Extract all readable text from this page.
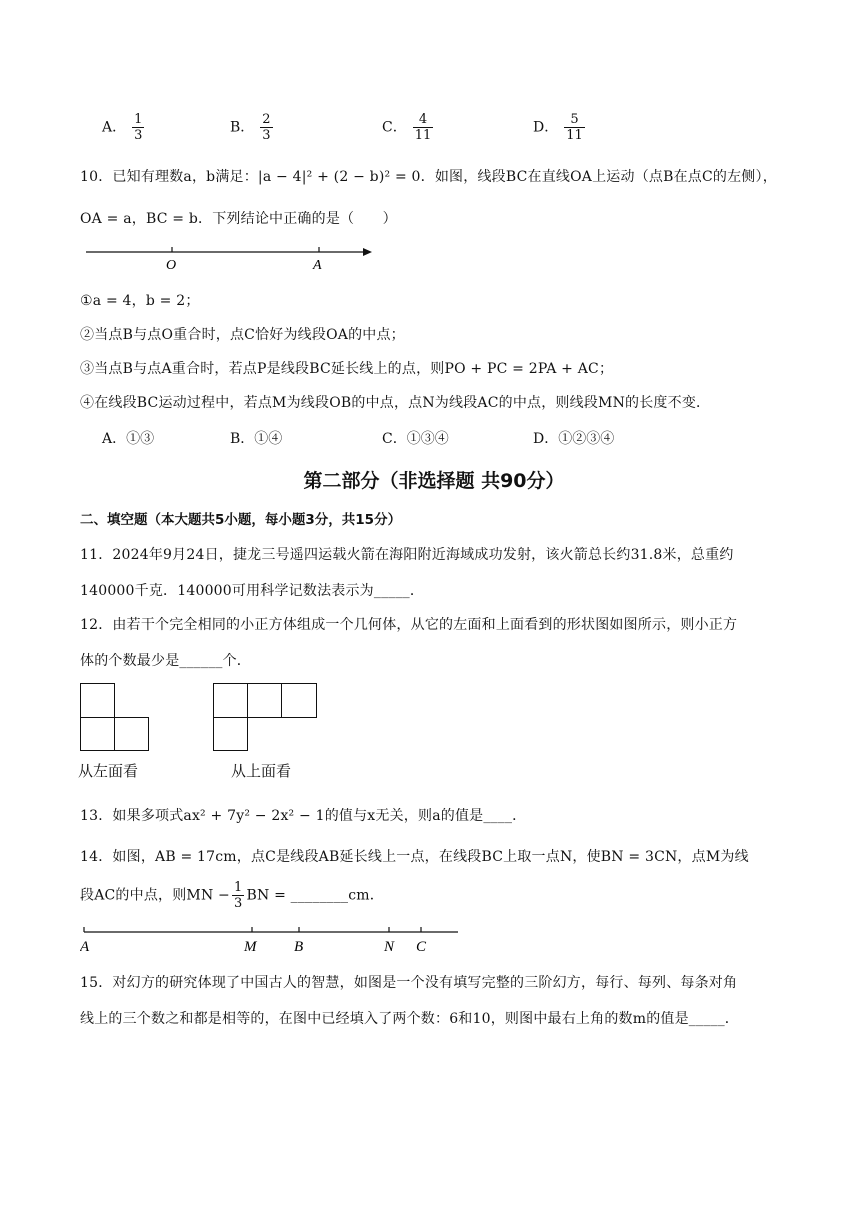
A． $\frac{1}{3}$	B． $\frac{2}{3}$	C． $\frac{4}{11}$	D． $\frac{5}{11}$
10．已知有理数a，b满足：|a − 4|² + (2 − b)² = 0．如图，线段BC在直线OA上运动（点B在点C的左侧），
OA = a，BC = b．下列结论中正确的是（　　）
O	A
①a = 4，b = 2；
②当点B与点O重合时，点C恰好为线段OA的中点；
③当点B与点A重合时，若点P是线段BC延长线上的点，则PO + PC = 2PA + AC；
④在线段BC运动过程中，若点M为线段OB的中点，点N为线段AC的中点，则线段MN的长度不变．
A．①③	B．①④	C．①③④	D．①②③④
第二部分（非选择题 共90分）
二、填空题（本大题共5小题，每小题3分，共15分）
11．2024年9月24日，捷龙三号遥四运载火箭在海阳附近海域成功发射，该火箭总长约31.8米，总重约
140000千克．140000可用科学记数法表示为_____．
12．由若干个完全相同的小正方体组成一个几何体，从它的左面和上面看到的形状图如图所示，则小正方
体的个数最少是______个．
从左面看	从上面看
13．如果多项式ax² + 7y² − 2x² − 1的值与x无关，则a的值是____．
14．如图，AB = 17cm，点C是线段AB延长线上一点，在线段BC上取一点N，使BN = 3CN，点M为线
段AC的中点，则MN − $\frac{1}{3}$ BN = ________cm．
A	M	B	N C
15．对幻方的研究体现了中国古人的智慧，如图是一个没有填写完整的三阶幻方，每行、每列、每条对角
线上的三个数之和都是相等的，在图中已经填入了两个数：6和10，则图中最右上角的数m的值是_____．
